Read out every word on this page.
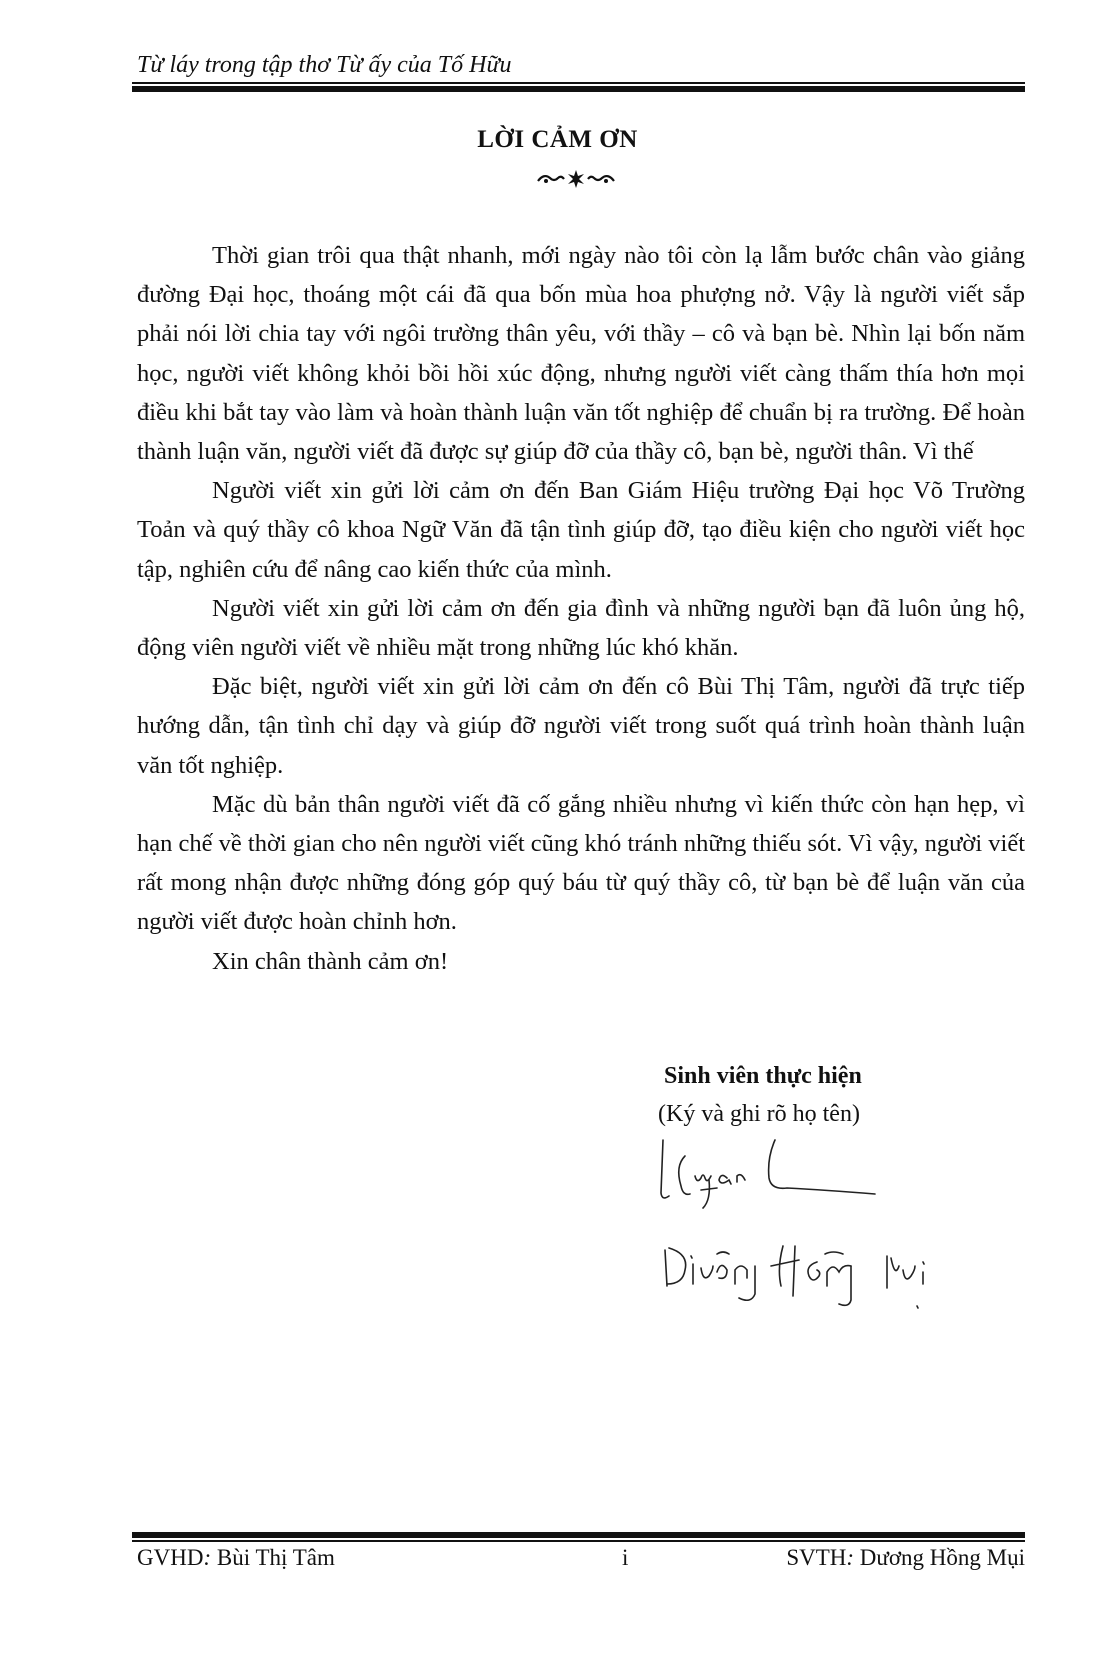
Từ láy trong tập thơ Từ ấy của Tố Hữu
LỜI CẢM ƠN

Thời gian trôi qua thật nhanh, mới ngày nào tôi còn lạ lẫm bước chân vào giảng đường Đại học, thoáng một cái đã qua bốn mùa hoa phượng nở. Vậy là người viết sắp phải nói lời chia tay với ngôi trường thân yêu, với thầy – cô và bạn bè. Nhìn lại bốn năm học, người viết không khỏi bồi hồi xúc động, nhưng người viết càng thấm thía hơn mọi điều khi bắt tay vào làm và hoàn thành luận văn tốt nghiệp để chuẩn bị ra trường. Để hoàn thành luận văn, người viết đã được sự giúp đỡ của thầy cô, bạn bè, người thân. Vì thế

Người viết xin gửi lời cảm ơn đến Ban Giám Hiệu trường Đại học Võ Trường Toản và quý thầy cô khoa Ngữ Văn đã tận tình giúp đỡ, tạo điều kiện cho người viết học tập, nghiên cứu để nâng cao kiến thức của mình.

Người viết xin gửi lời cảm ơn đến gia đình và những người bạn đã luôn ủng hộ, động viên người viết về nhiều mặt trong những lúc khó khăn.

Đặc biệt, người viết xin gửi lời cảm ơn đến cô Bùi Thị Tâm, người đã trực tiếp hướng dẫn, tận tình chỉ dạy và giúp đỡ người viết trong suốt quá trình hoàn thành luận văn tốt nghiệp.

Mặc dù bản thân người viết đã cố gắng nhiều nhưng vì kiến thức còn hạn hẹp, vì hạn chế về thời gian cho nên người viết cũng khó tránh những thiếu sót. Vì vậy, người viết rất mong nhận được những đóng góp quý báu từ quý thầy cô, từ bạn bè để luận văn của người viết được hoàn chỉnh hơn.

Xin chân thành cảm ơn!

Sinh viên thực hiện
(Ký và ghi rõ họ tên)
GVHD: Bùi Thị Tâm	i	SVTH: Dương Hồng Mụi
